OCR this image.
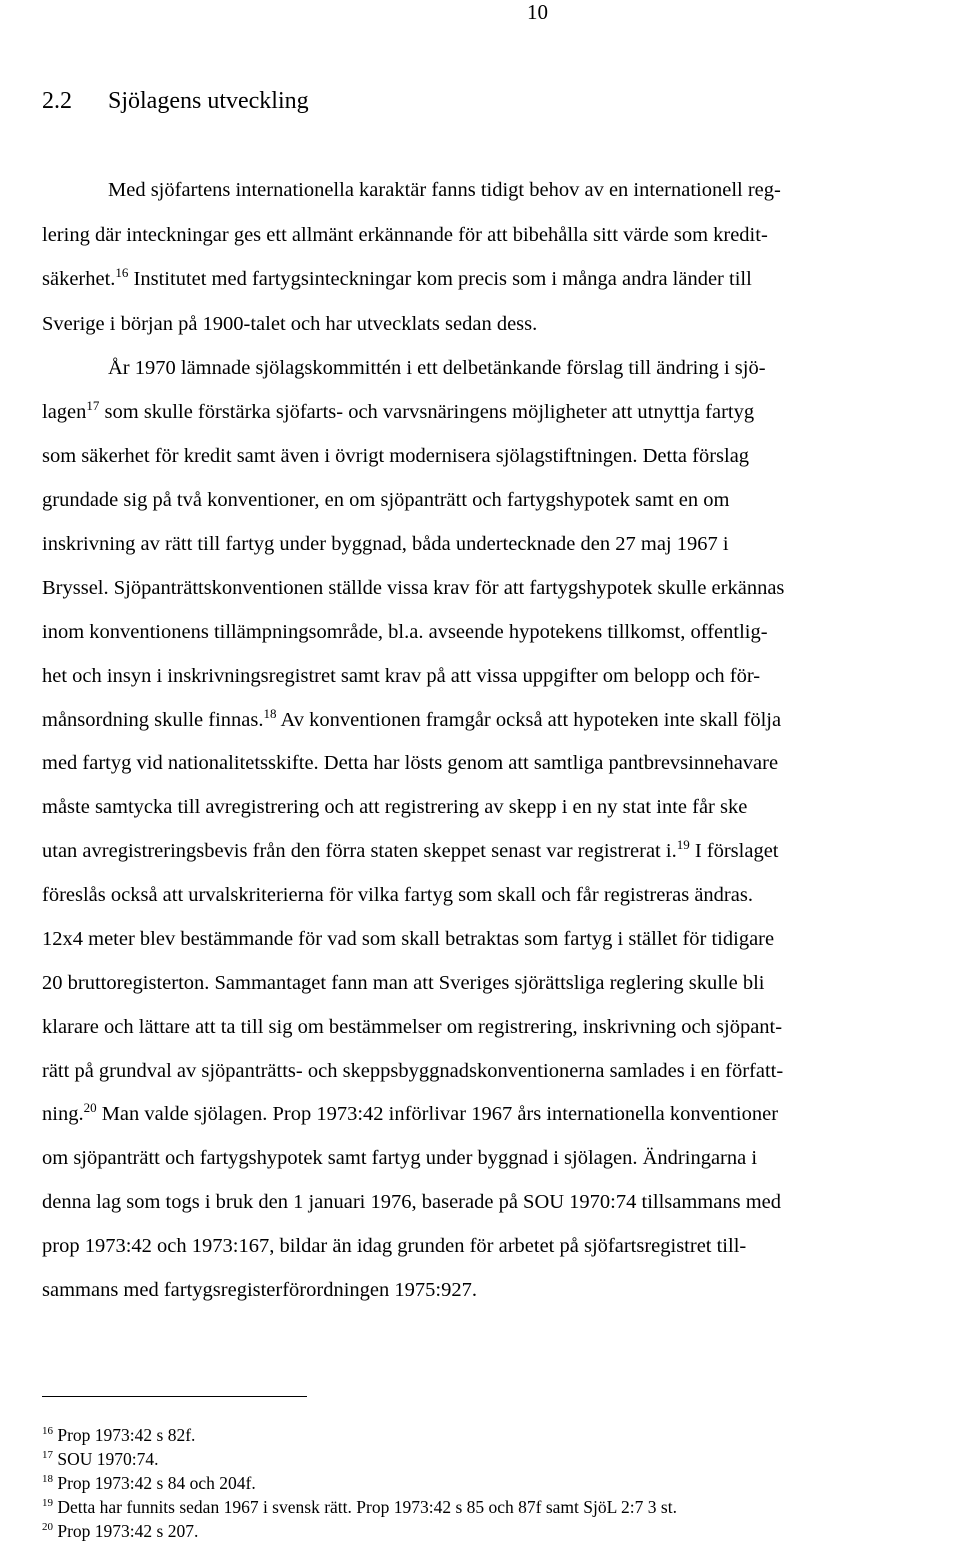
10
2.2 Sjölagens utveckling
Med sjöfartens internationella karaktär fanns tidigt behov av en internationell reg-
lering där inteckningar ges ett allmänt erkännande för att bibehålla sitt värde som kredit-
säkerhet.$^{16}$ Institutet med fartygsinteckningar kom precis som i många andra länder till
Sverige i början på 1900-talet och har utvecklats sedan dess.
År 1970 lämnade sjölagskommittén i ett delbetänkande förslag till ändring i sjö-
lagen$^{17}$ som skulle förstärka sjöfarts- och varvsnäringens möjligheter att utnyttja fartyg
som säkerhet för kredit samt även i övrigt modernisera sjölagstiftningen. Detta förslag
grundade sig på två konventioner, en om sjöpanträtt och fartygshypotek samt en om
inskrivning av rätt till fartyg under byggnad, båda undertecknade den 27 maj 1967 i
Bryssel. Sjöpanträttskonventionen ställde vissa krav för att fartygshypotek skulle erkännas
inom konventionens tillämpningsområde, bl.a. avseende hypotekens tillkomst, offentlig-
het och insyn i inskrivningsregistret samt krav på att vissa uppgifter om belopp och för-
månsordning skulle finnas.$^{18}$ Av konventionen framgår också att hypoteken inte skall följa
med fartyg vid nationalitetsskifte. Detta har lösts genom att samtliga pantbrevsinnehavare
måste samtycka till avregistrering och att registrering av skepp i en ny stat inte får ske
utan avregistreringsbevis från den förra staten skeppet senast var registrerat i.$^{19}$ I förslaget
föreslås också att urvalskriterierna för vilka fartyg som skall och får registreras ändras.
12x4 meter blev bestämmande för vad som skall betraktas som fartyg i stället för tidigare
20 bruttoregisterton. Sammantaget fann man att Sveriges sjörättsliga reglering skulle bli
klarare och lättare att ta till sig om bestämmelser om registrering, inskrivning och sjöpant-
rätt på grundval av sjöpanträtts- och skeppsbyggnadskonventionerna samlades i en författ-
ning.$^{20}$ Man valde sjölagen. Prop 1973:42 införlivar 1967 års internationella konventioner
om sjöpanträtt och fartygshypotek samt fartyg under byggnad i sjölagen. Ändringarna i
denna lag som togs i bruk den 1 januari 1976, baserade på SOU 1970:74 tillsammans med
prop 1973:42 och 1973:167, bildar än idag grunden för arbetet på sjöfartsregistret till-
sammans med fartygsregisterförordningen 1975:927.
$^{16}$ Prop 1973:42 s 82f.
$^{17}$ SOU 1970:74.
$^{18}$ Prop 1973:42 s 84 och 204f.
$^{19}$ Detta har funnits sedan 1967 i svensk rätt. Prop 1973:42 s 85 och 87f samt SjöL 2:7 3 st.
$^{20}$ Prop 1973:42 s 207.
